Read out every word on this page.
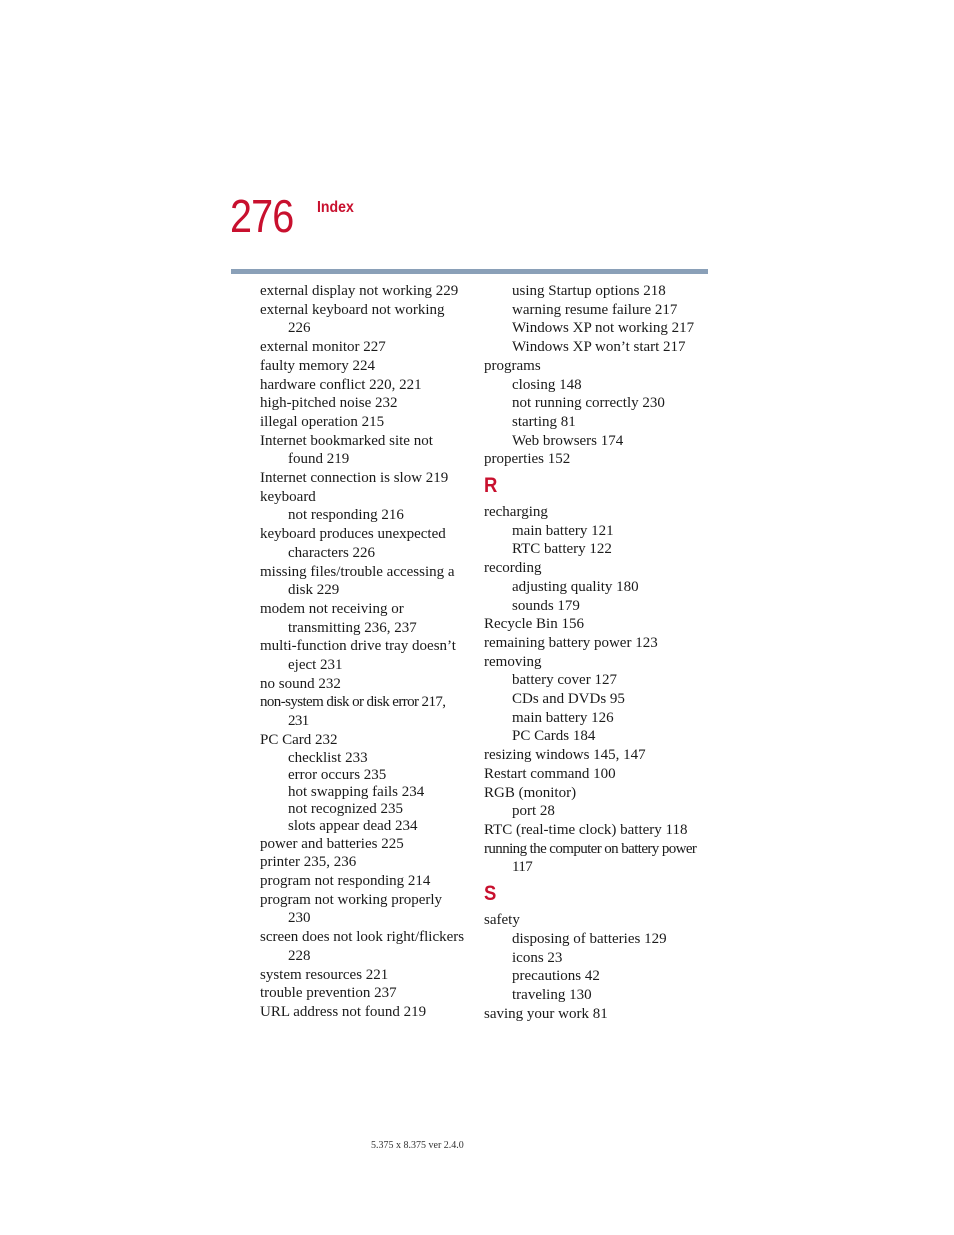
276 Index
external display not working 229
external keyboard not working 226
external monitor 227
faulty memory 224
hardware conflict 220, 221
high-pitched noise 232
illegal operation 215
Internet bookmarked site not found 219
Internet connection is slow 219
keyboard
not responding 216
keyboard produces unexpected characters 226
missing files/trouble accessing a disk 229
modem not receiving or transmitting 236, 237
multi-function drive tray doesn’t eject 231
no sound 232
non-system disk or disk error 217, 231
PC Card 232
checklist 233
error occurs 235
hot swapping fails 234
not recognized 235
slots appear dead 234
power and batteries 225
printer 235, 236
program not responding 214
program not working properly 230
screen does not look right/flickers 228
system resources 221
trouble prevention 237
URL address not found 219
using Startup options 218
warning resume failure 217
Windows XP not working 217
Windows XP won’t start 217
programs
closing 148
not running correctly 230
starting 81
Web browsers 174
properties 152
R
recharging
main battery 121
RTC battery 122
recording
adjusting quality 180
sounds 179
Recycle Bin 156
remaining battery power 123
removing
battery cover 127
CDs and DVDs 95
main battery 126
PC Cards 184
resizing windows 145, 147
Restart command 100
RGB (monitor)
port 28
RTC (real-time clock) battery 118
running the computer on battery power 117
S
safety
disposing of batteries 129
icons 23
precautions 42
traveling 130
saving your work 81
5.375 x 8.375 ver 2.4.0
